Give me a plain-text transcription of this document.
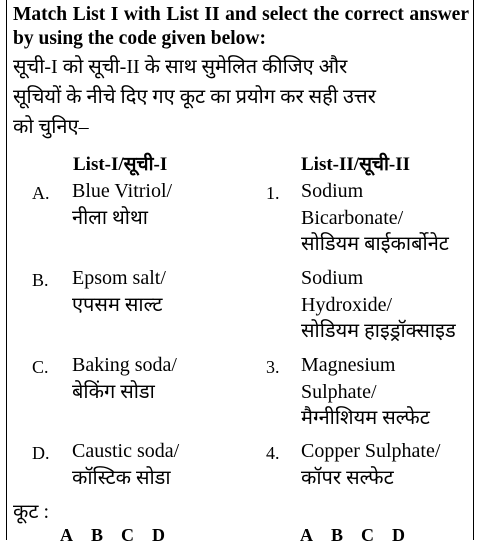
Match List I with List II and select the correct answer by using the code given below:
सूची-I को सूची-II के साथ सुमेलित कीजिए और
सूचियों के नीचे दिए गए कूट का प्रयोग कर सही उत्तर
को चुनिए–
List-I/सूची-I	List-II/सूची-II
A. Blue Vitriol/
नीला थोथा
B. Epsom salt/
एपसम साल्ट
C. Baking soda/
बेकिंग सोडा
D. Caustic soda/
कॉस्टिक सोडा
1. Sodium
Bicarbonate/
सोडियम बाईकार्बोनेट
Sodium
Hydroxide/
सोडियम हाइड्रॉक्साइड
3. Magnesium
Sulphate/
मैग्नीशियम सल्फेट
4. Copper Sulphate/
कॉपर सल्फेट
कूट :
ABCD	ABCD
